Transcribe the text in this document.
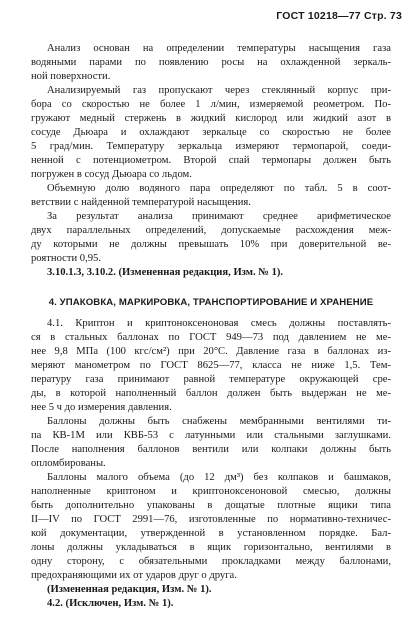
ГОСТ 10218—77 Стр. 73
Анализ основан на определении температуры насыщения газа
водяными парами по появлению росы на охлажденной зеркаль-
ной поверхности.
Анализируемый газ пропускают через стеклянный корпус при-
бора со скоростью не более 1 л/мин, измеряемой реометром. По-
гружают медный стержень в жидкий кислород или жидкий азот в
сосуде Дьюара и охлаждают зеркальце со скоростью не более
5 град/мин. Температуру зеркальца измеряют термопарой, соеди-
ненной с потенциометром. Второй спай термопары должен быть
погружен в сосуд Дьюара со льдом.
Объемную долю водяного пара определяют по табл. 5 в соот-
ветствии с найденной температурой насыщения.
За результат анализа принимают среднее арифметическое
двух параллельных определений, допускаемые расхождения меж-
ду которыми не должны превышать 10% при доверительной ве-
роятности 0,95.
3.10.1.3, 3.10.2. (Измененная редакция, Изм. № 1).
4. УПАКОВКА, МАРКИРОВКА, ТРАНСПОРТИРОВАНИЕ И ХРАНЕНИЕ
4.1. Криптон и криптоноксеноновая смесь должны поставлять-
ся в стальных баллонах по ГОСТ 949—73 под давлением не ме-
нее 9,8 МПа (100 кгс/см²) при 20°С. Давление газа в баллонах из-
меряют манометром по ГОСТ 8625—77, класса не ниже 1,5. Тем-
пературу газа принимают равной температуре окружающей сре-
ды, в которой наполненный баллон должен быть выдержан не ме-
нее 5 ч до измерения давления.
Баллоны должны быть снабжены мембранными вентилями ти-
па КВ-1М или КВБ-53 с латунными или стальными заглушками.
После наполнения баллонов вентили или колпаки должны быть
опломбированы.
Баллоны малого объема (до 12 дм³) без колпаков и башмаков,
наполненные криптоном и криптоноксеноновой смесью, должны
быть дополнительно упакованы в дощатые плотные ящики типа
II—IV по ГОСТ 2991—76, изготовленные по нормативно-техничес-
кой документации, утвержденной в установленном порядке. Бал-
лоны должны укладываться в ящик горизонтально, вентилями в
одну сторону, с обязательными прокладками между баллонами,
предохраняющими их от ударов друг о друга.
(Измененная редакция, Изм. № 1).
4.2. (Исключен, Изм. № 1).
